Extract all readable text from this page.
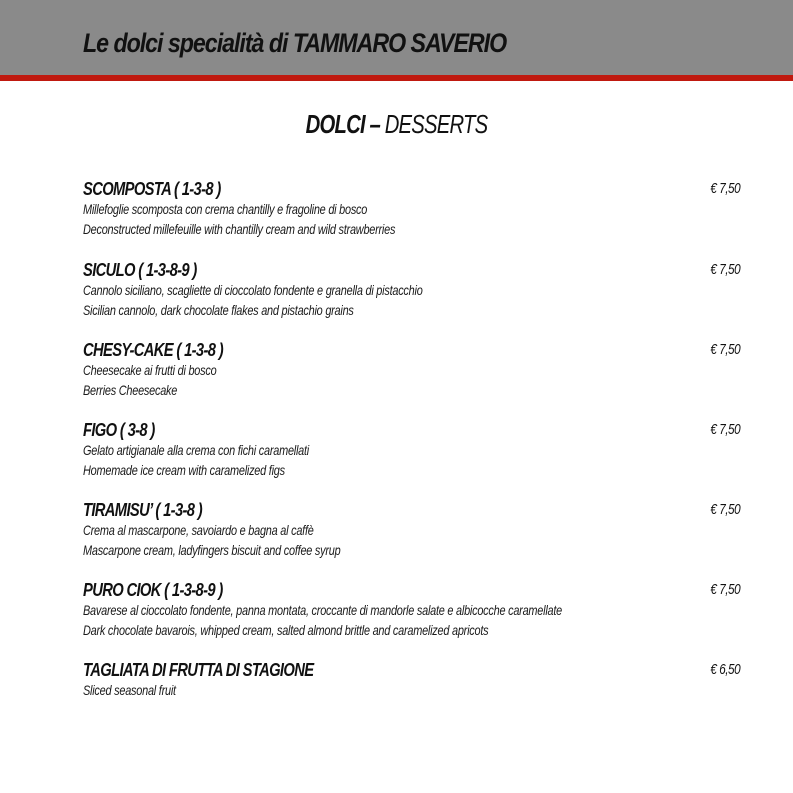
Le dolci specialità di TAMMARO SAVERIO
DOLCI – DESSERTS
SCOMPOSTA ( 1-3-8 )	€ 7,50
Millefoglie scomposta con crema chantilly e fragoline di bosco
Deconstructed millefeuille with chantilly cream and wild strawberries
SICULO ( 1-3-8-9 )	€ 7,50
Cannolo siciliano, scagliette di cioccolato fondente e granella di pistacchio
Sicilian cannolo, dark chocolate flakes and pistachio grains
CHESY-CAKE ( 1-3-8 )	€ 7,50
Cheesecake ai frutti di bosco
Berries Cheesecake
FIGO ( 3-8 )	€ 7,50
Gelato artigianale alla crema con fichi caramellati
Homemade ice cream with caramelized figs
TIRAMISU’ ( 1-3-8 )	€ 7,50
Crema al mascarpone, savoiardo e bagna al caffè
Mascarpone cream, ladyfingers biscuit and coffee syrup
PURO CIOK ( 1-3-8-9 )	€ 7,50
Bavarese al cioccolato fondente, panna montata, croccante di mandorle salate e albicocche caramellate
Dark chocolate bavarois, whipped cream, salted almond brittle and caramelized apricots
TAGLIATA DI FRUTTA DI STAGIONE	€ 6,50
Sliced seasonal fruit
